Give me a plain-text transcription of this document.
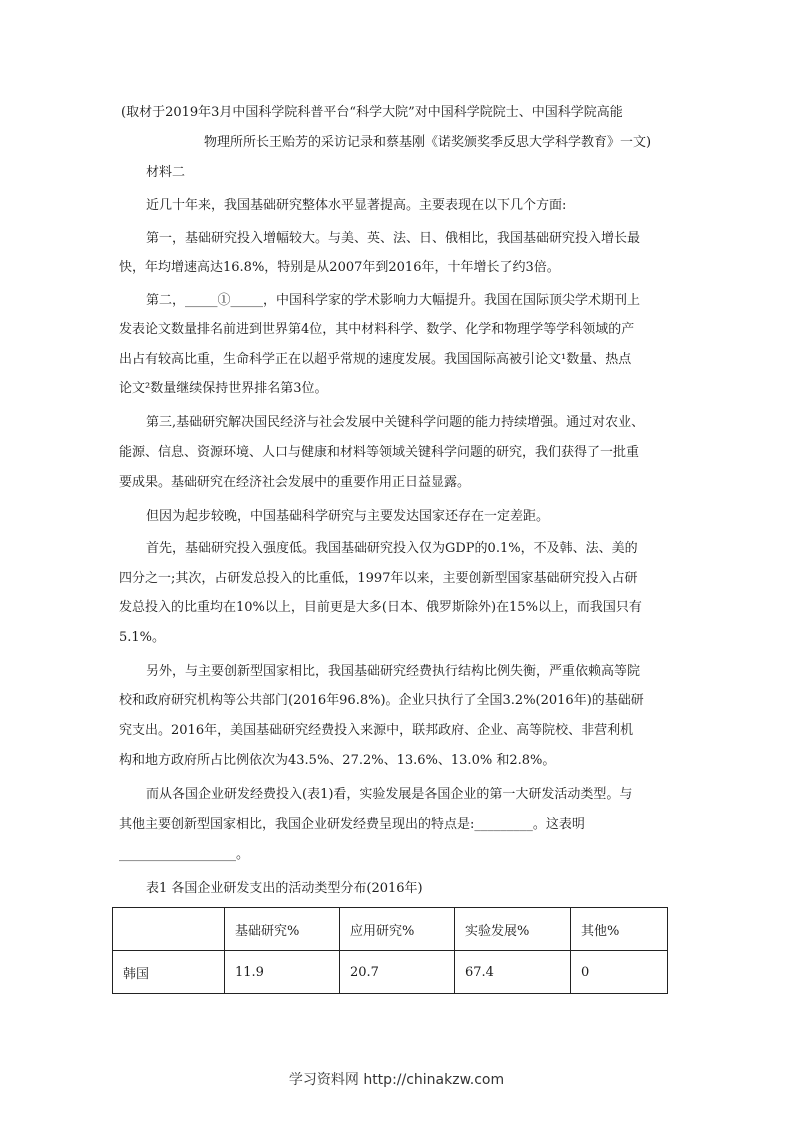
(取材于2019年3月中国科学院科普平台“科学大院”对中国科学院院士、中国科学院高能
物理所所长王贻芳的采访记录和蔡基刚《诺奖颁奖季反思大学科学教育》一文)
材料二
近几十年来，我国基础研究整体水平显著提高。主要表现在以下几个方面:
第一，基础研究投入增幅较大。与美、英、法、日、俄相比，我国基础研究投入增长最
快，年均增速高达16.8%，特别是从2007年到2016年，十年增长了约3倍。
第二，_____①_____，中国科学家的学术影响力大幅提升。我国在国际顶尖学术期刊上
发表论文数量排名前进到世界第4位，其中材料科学、数学、化学和物理学等学科领域的产
出占有较高比重，生命科学正在以超乎常规的速度发展。我国国际高被引论文¹数量、热点
论文²数量继续保持世界排名第3位。
第三,基础研究解决国民经济与社会发展中关键科学问题的能力持续增强。通过对农业、
能源、信息、资源环境、人口与健康和材料等领域关键科学问题的研究，我们获得了一批重
要成果。基础研究在经济社会发展中的重要作用正日益显露。
但因为起步较晚，中国基础科学研究与主要发达国家还存在一定差距。
首先，基础研究投入强度低。我国基础研究投入仅为GDP的0.1%，不及韩、法、美的
四分之一;其次，占研发总投入的比重低，1997年以来，主要创新型国家基础研究投入占研
发总投入的比重均在10%以上，目前更是大多(日本、俄罗斯除外)在15%以上，而我国只有
5.1%。
另外，与主要创新型国家相比，我国基础研究经费执行结构比例失衡，严重依赖高等院
校和政府研究机构等公共部门(2016年96.8%)。企业只执行了全国3.2%(2016年)的基础研
究支出。2016年，美国基础研究经费投入来源中，联邦政府、企业、高等院校、非营利机
构和地方政府所占比例依次为43.5%、27.2%、13.6%、13.0% 和2.8%。
而从各国企业研发经费投入(表1)看，实验发展是各国企业的第一大研发活动类型。与
其他主要创新型国家相比，我国企业研发经费呈现出的特点是:_________。这表明
__________________。
表1 各国企业研发支出的活动类型分布(2016年)
	基础研究%	应用研究%	实验发展%	其他%
韩国	11.9	20.7	67.4	0
学习资料网 http://chinakzw.com
